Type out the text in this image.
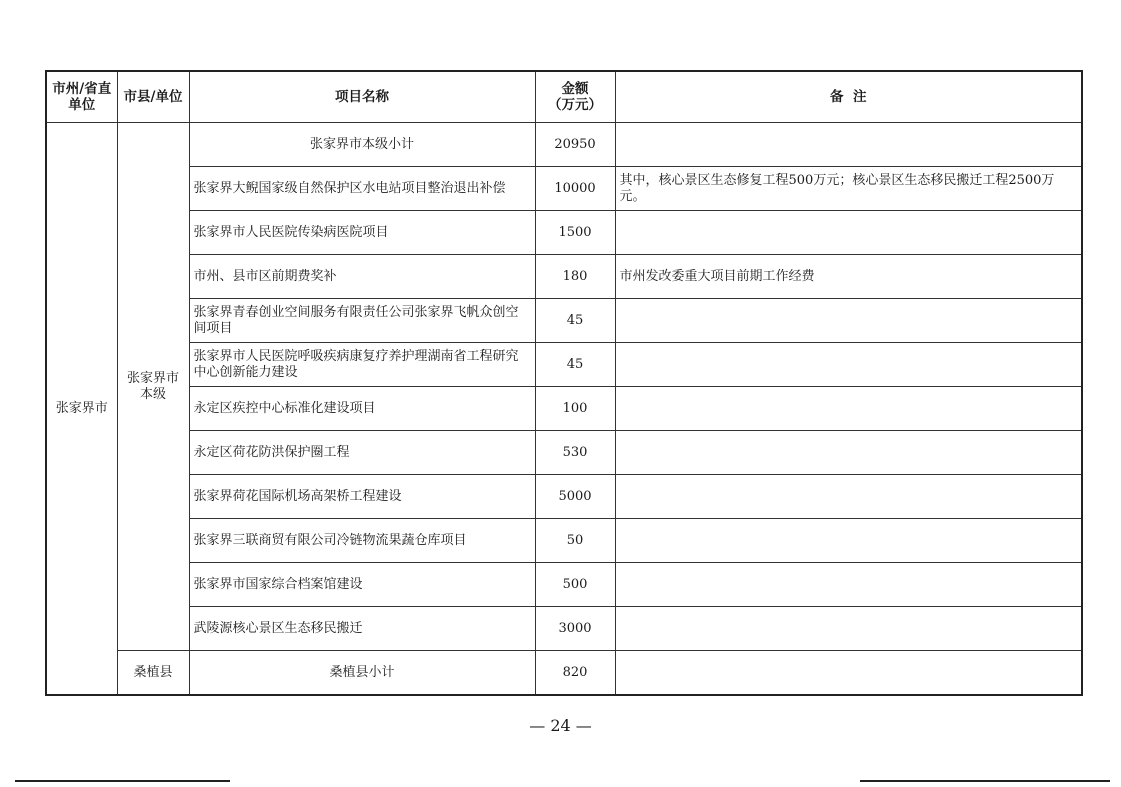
市州/省直
单位	市县/单位	项目名称	金额
（万元）	备  注
张家界市	张家界市本级	张家界市本级小计	20950	
		张家界大鲵国家级自然保护区水电站项目整治退出补偿	10000	其中，核心景区生态修复工程500万元；核心景区生态移民搬迁工程2500万元。
		张家界市人民医院传染病医院项目	1500	
		市州、县市区前期费奖补	180	市州发改委重大项目前期工作经费
		张家界青春创业空间服务有限责任公司张家界飞帆众创空间项目	45	
		张家界市人民医院呼吸疾病康复疗养护理湖南省工程研究中心创新能力建设	45	
		永定区疾控中心标准化建设项目	100	
		永定区荷花防洪保护圈工程	530	
		张家界荷花国际机场高架桥工程建设	5000	
		张家界三联商贸有限公司冷链物流果蔬仓库项目	50	
		张家界市国家综合档案馆建设	500	
		武陵源核心景区生态移民搬迁	3000	
	桑植县	桑植县小计	820	
— 24 —
